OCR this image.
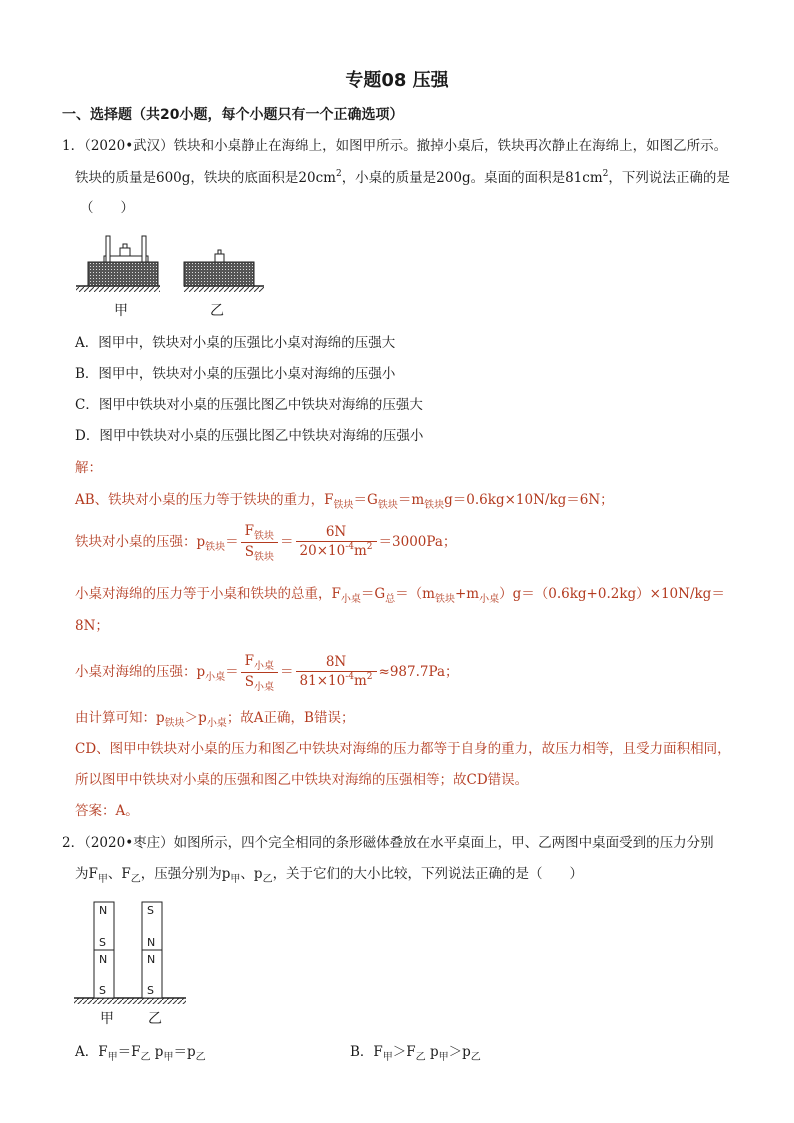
专题08 压强
一、选择题（共20小题，每个小题只有一个正确选项）
1．（2020•武汉）铁块和小桌静止在海绵上，如图甲所示。撤掉小桌后，铁块再次静止在海绵上，如图乙所示。
铁块的质量是600g，铁块的底面积是$20cm^2$，小桌的质量是200g。桌面的面积是$81cm^2$，下列说法正确的是
（　　）
甲	乙
A．图甲中，铁块对小桌的压强比小桌对海绵的压强大
B．图甲中，铁块对小桌的压强比小桌对海绵的压强小
C．图甲中铁块对小桌的压强比图乙中铁块对海绵的压强大
D．图甲中铁块对小桌的压强比图乙中铁块对海绵的压强小
解：
AB、铁块对小桌的压力等于铁块的重力，$F_{铁块}=G_{铁块}=m_{铁块}g=0.6kg\times 10N/kg=6N$；
铁块对小桌的压强：$p_{铁块}= \frac{F_{铁块}}{S_{铁块}} = \frac{6N}{20\times 10^{-4}m^2} =3000Pa$；
小桌对海绵的压力等于小桌和铁块的总重，$F_{小桌}=G_总=(m_{铁块}+m_{小桌})g=(0.6kg+0.2kg)\times 10N/kg=$
8N；
小桌对海绵的压强：$p_{小桌}= \frac{F_{小桌}}{S_{小桌}} = \frac{8N}{81\times 10^{-4}m^2} \approx 987.7Pa$；
由计算可知：$p_{铁块}>p_{小桌}$；故A正确，B错误；
CD、图甲中铁块对小桌的压力和图乙中铁块对海绵的压力都等于自身的重力，故压力相等，且受力面积相同，
所以图甲中铁块对小桌的压强和图乙中铁块对海绵的压强相等；故CD错误。
答案：A。
2．（2020•枣庄）如图所示，四个完全相同的条形磁体叠放在水平桌面上，甲、乙两图中桌面受到的压力分别
为$F_甲$、$F_乙$，压强分别为$p_甲$、$p_乙$，关于它们的大小比较，下列说法正确的是（　　）
N
S
N
S
S
N
N
S
甲 乙
A．$F_甲=F_乙$ $p_甲=p_乙$	B．$F_甲>F_乙$ $p_甲>p_乙$
